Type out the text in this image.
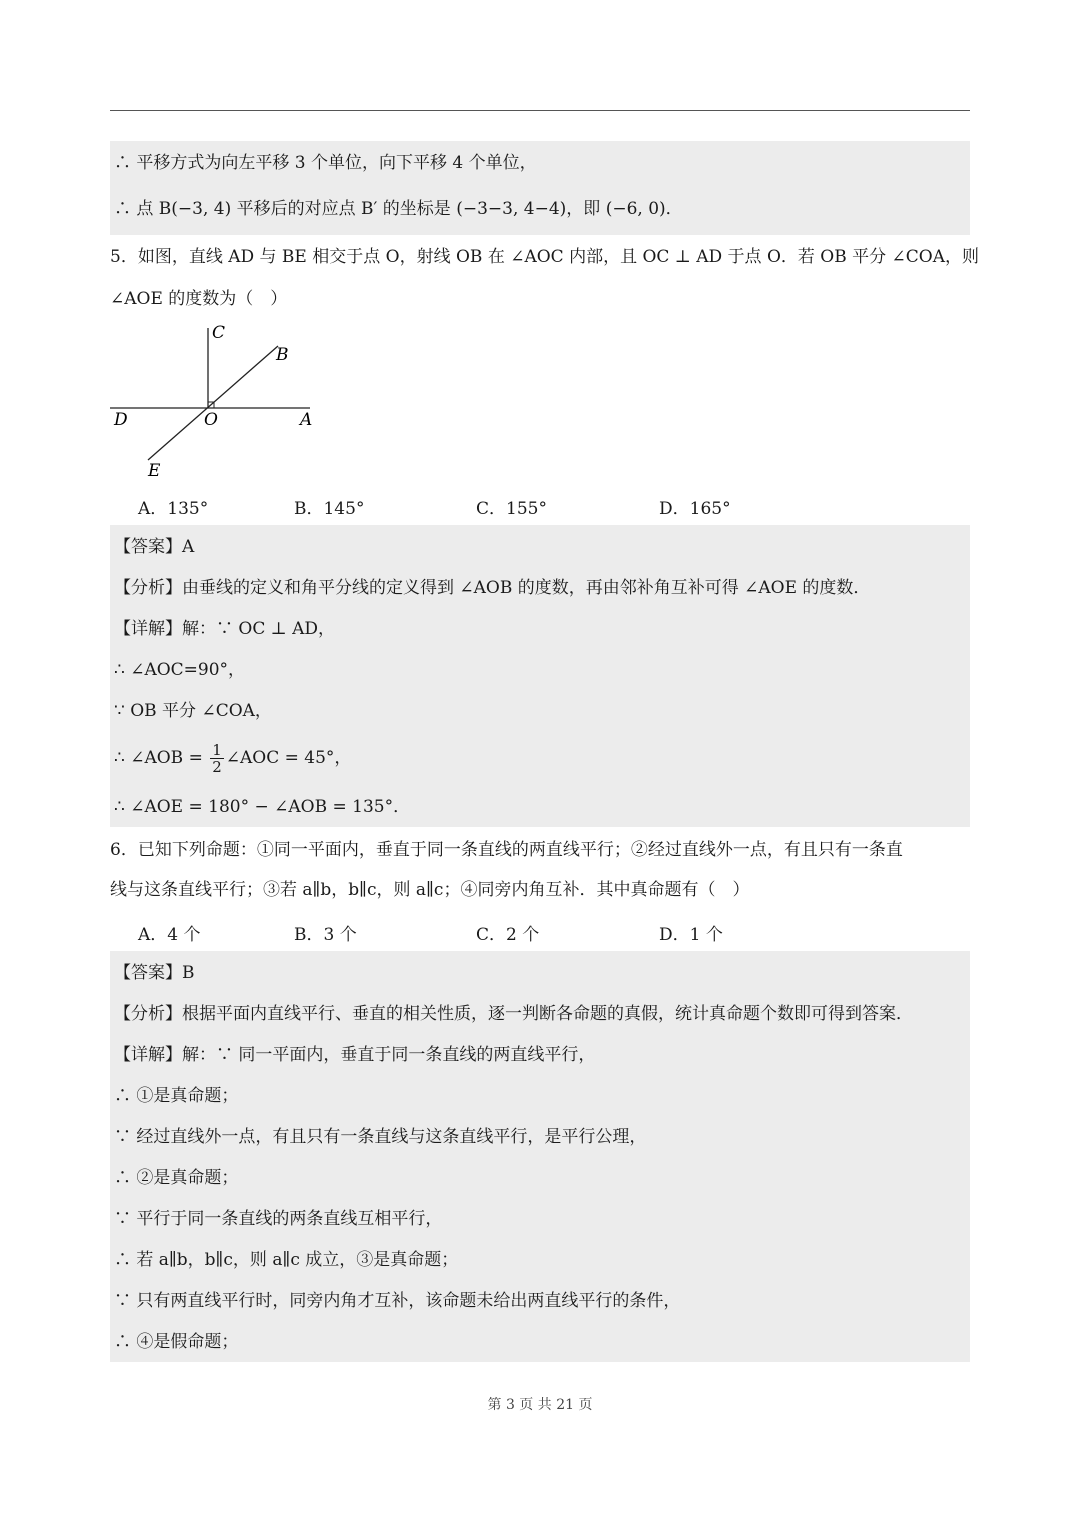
∴ 平移方式为向左平移 3 个单位，向下平移 4 个单位，
∴ 点 B(−3, 4) 平移后的对应点 B′ 的坐标是 (−3−3, 4−4)，即 (−6, 0)．
5．如图，直线 AD 与 BE 相交于点 O，射线 OB 在 ∠AOC 内部，且 OC ⊥ AD 于点 O．若 OB 平分 ∠COA，则
∠AOE 的度数为（　）
C
B
D	O	A
E
A．135°	B．145°	C．155°	D．165°
【答案】A
【分析】由垂线的定义和角平分线的定义得到 ∠AOB 的度数，再由邻补角互补可得 ∠AOE 的度数．
【详解】解：∵ OC ⊥ AD，
∴ ∠AOC=90°，
∵ OB 平分 ∠COA，
∴ ∠AOB = $\frac{1}{2}$ ∠AOC = 45°，
∴ ∠AOE = 180° − ∠AOB = 135°．
6．已知下列命题：①同一平面内，垂直于同一条直线的两直线平行；②经过直线外一点，有且只有一条直
线与这条直线平行；③若 a∥b，b∥c，则 a∥c；④同旁内角互补．其中真命题有（　）
A．4 个	B．3 个	C．2 个	D．1 个
【答案】B
【分析】根据平面内直线平行、垂直的相关性质，逐一判断各命题的真假，统计真命题个数即可得到答案．
【详解】解：∵ 同一平面内，垂直于同一条直线的两直线平行，
∴ ①是真命题；
∵ 经过直线外一点，有且只有一条直线与这条直线平行，是平行公理，
∴ ②是真命题；
∵ 平行于同一条直线的两条直线互相平行，
∴ 若 a∥b，b∥c，则 a∥c 成立，③是真命题；
∵ 只有两直线平行时，同旁内角才互补，该命题未给出两直线平行的条件，
∴ ④是假命题；
第 3 页 共 21 页
